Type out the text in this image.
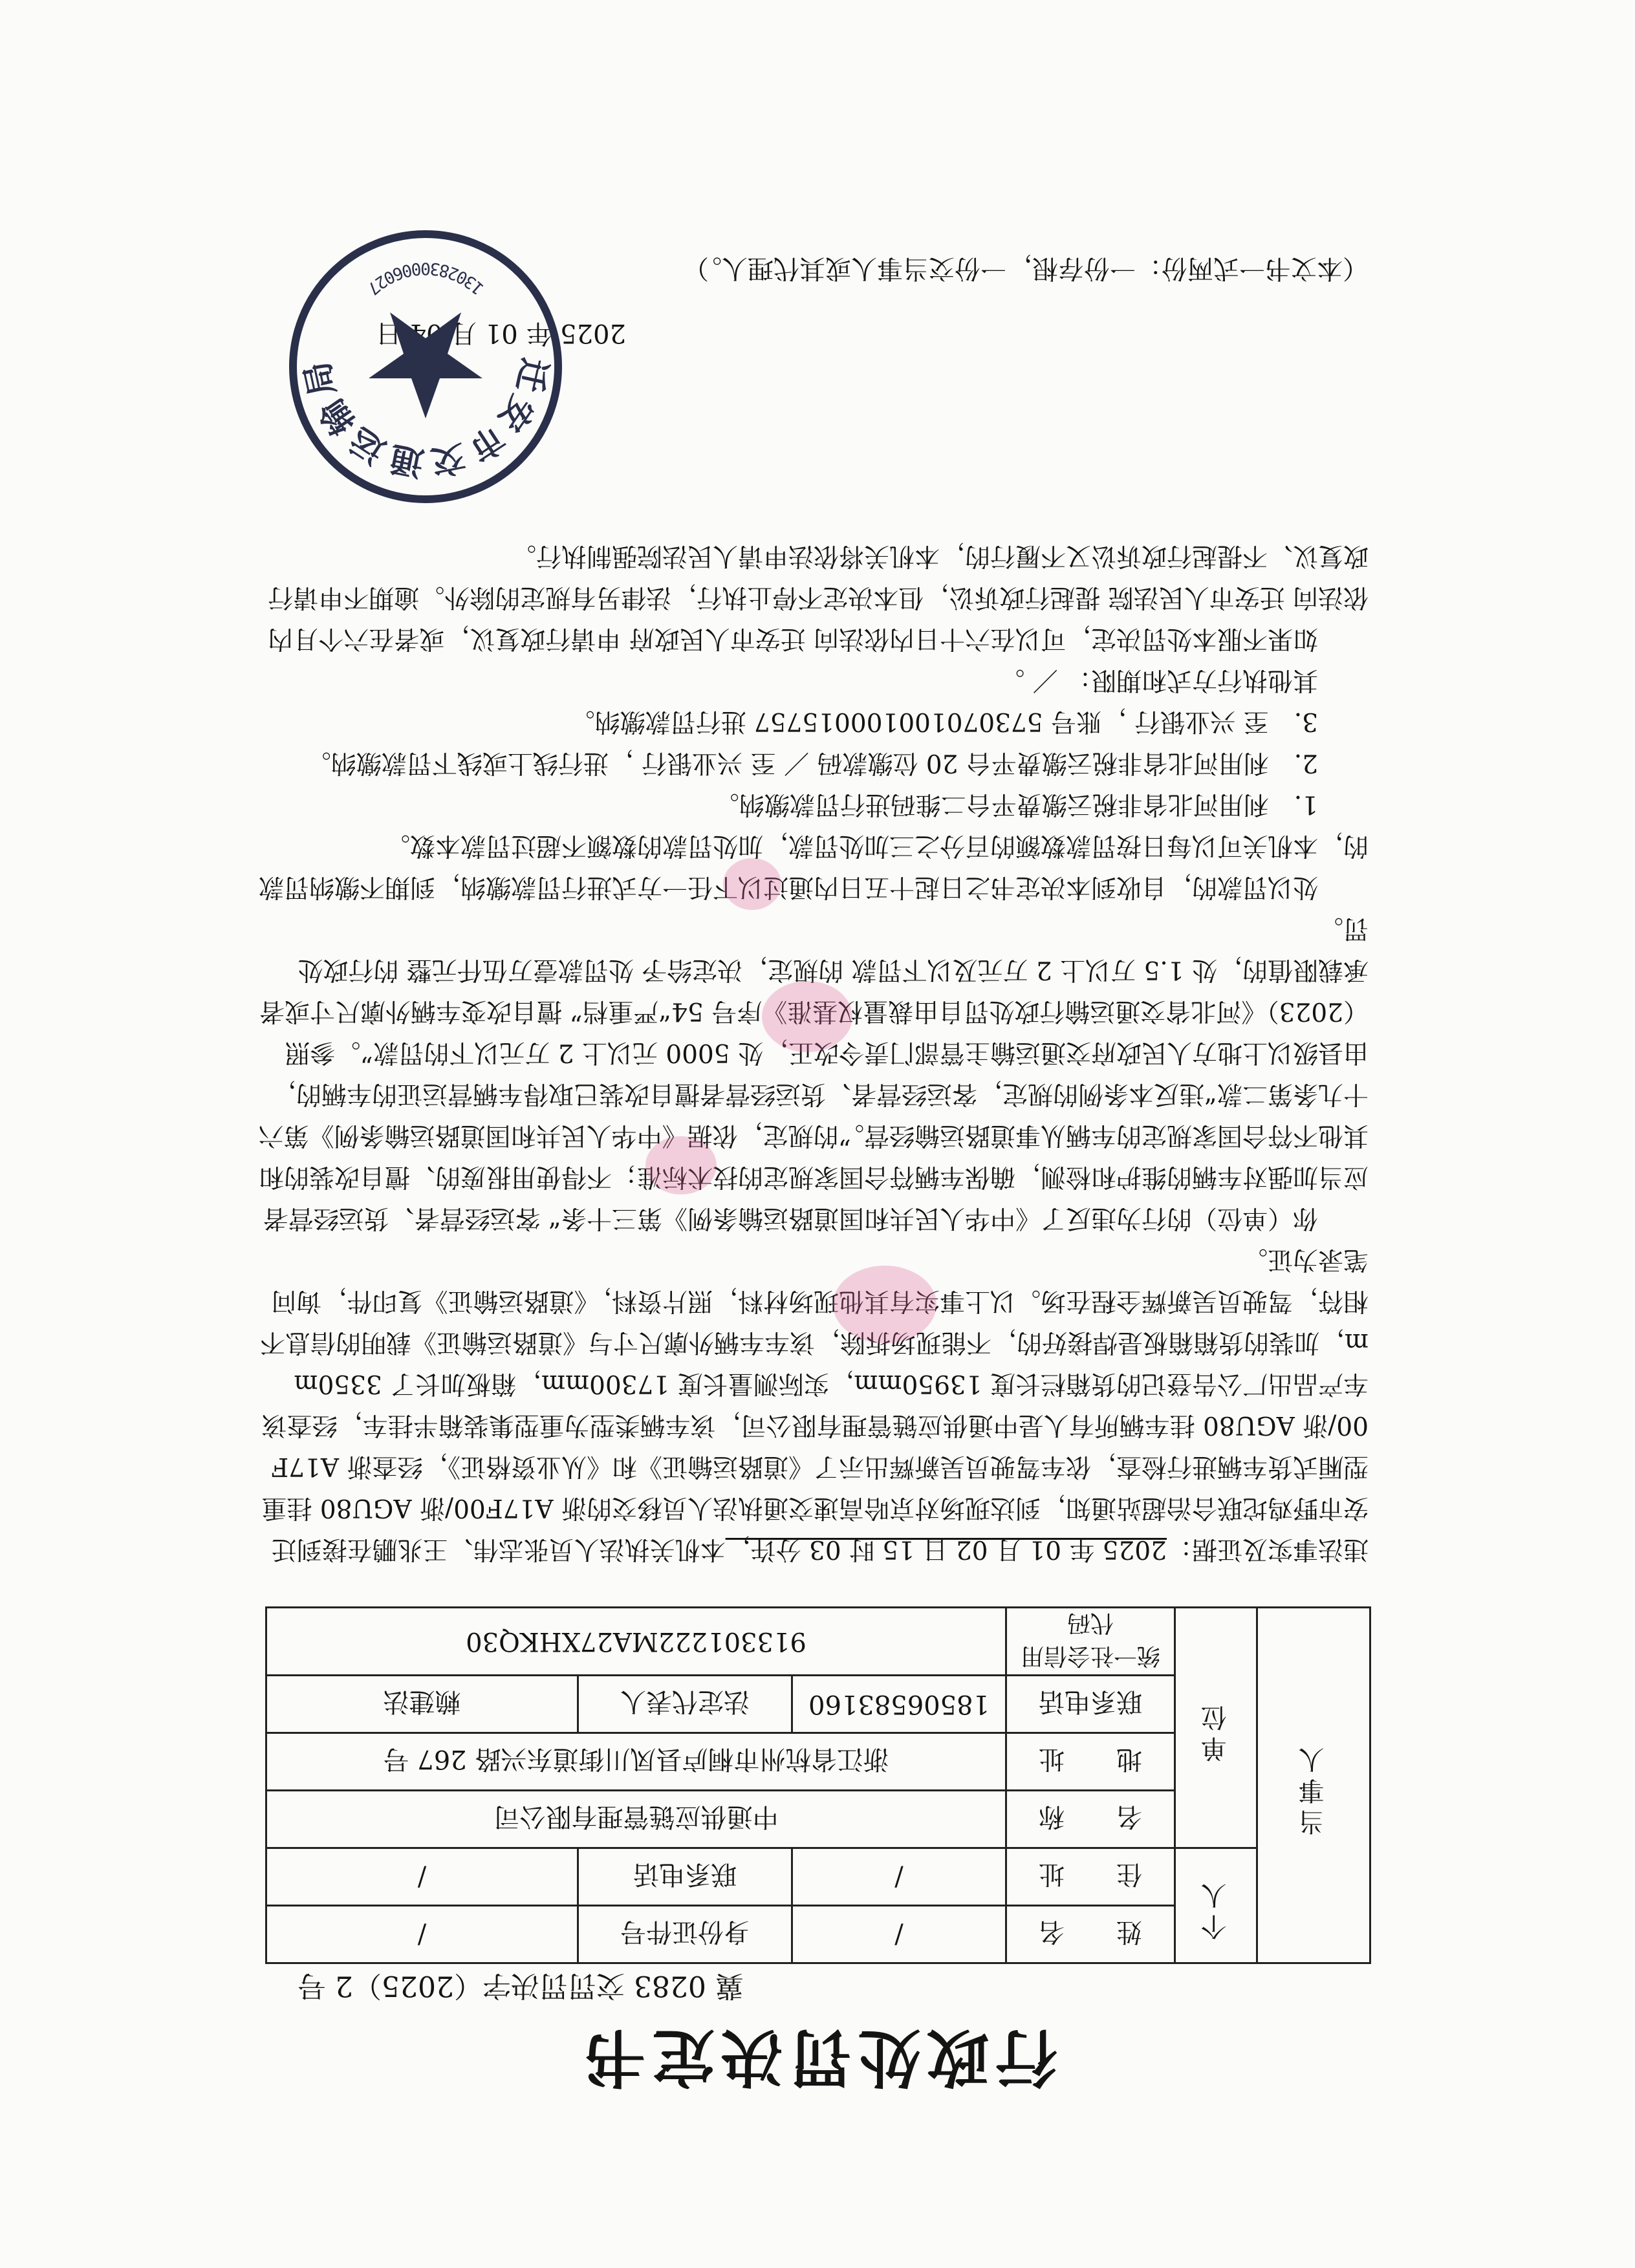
行政处罚决定书
冀 0283 交罚罚决字（2025）2 号
当事人	个人	姓　　名	/	身份证件号	/
		住　　址	/	联系电话	/
	单位	名　　称	中通供应链管理有限公司		
		地　　址	浙江省杭州市桐庐县凤川街道东兴路 267 号		
		联系电话	18506583160	法定代表人	赖建法
		统一社会信用代码	913301222MA27XHKQ30		

违法事实及证据：2025 年 01 月 02 日 15 时 03 分许，本机关执法人员张志伟、王兆鹏在接到迁安市野鸡坨联合治超站通知，到达现场对京哈高速交通执法人员移交的浙 A17F00/浙 AGU80 挂重型厢式货车辆进行检查，依车驾驶员吴新辉出示了《道路运输证》和《从业资格证》，经查浙 A17F00/浙 AGU80 挂车辆所有人是中通供应链管理有限公司，该车辆类型为重型集装箱半挂车，经查该车产品出厂公告登记的货箱栏长度 13950mm，实际测量长度 17300mm，箱板加长了 3350mm，加装的货箱箱板是焊接好的，不能现场拆除，该车车辆外廓尺寸与《道路运输证》载明的信息不相符，驾驶员吴新辉全程在场。以上事实有其他现场材料，照片资料，《道路运输证》复印件，询问笔录为证。

你（单位）的行为违反了《中华人民共和国道路运输条例》第三十条“ 客运经营者、货运经营者应当加强对车辆的维护和检测，确保车辆符合国家规定的技术标准；不得使用报废的、擅自改装的和其他不符合国家规定的车辆从事道路运输经营。”的规定，依据《中华人民共和国道路运输条例》第六十九条第二款“违反本条例的规定，客运经营者、货运经营者擅自改装已取得车辆营运证的车辆的，由县级以上地方人民政府交通运输主管部门责令改正，处 5000 元以上 2 万元以下的罚款”。参照（2023）《河北省交通运输行政处罚自由裁量权基准》序号 54“严重档” 擅自改变车辆外廓尺寸或者承载限值的，处 1.5 万以上 2 万元及以下罚款 的规定，决定给予 处罚款壹万伍仟元整 的行政处罚。

处以罚款的，自收到本决定书之日起十五日内通过以下任一方式进行罚款缴纳，到期不缴纳罚款的，本机关可以每日按罚款数额的百分之三加处罚款，加处罚款的数额不超过罚款本数。

1.　利用河北省非税云缴费平台二维码进行罚款缴纳。

2.　利用河北省非税云缴费平台 20 位缴款码 ／ 至 兴业银行 ，进行线上或线下罚款缴纳。

3.　至 兴业银行 ，账号 573070100100015757 进行罚款缴纳。

其他执行方式和期限： ／ 。

如果不服本处罚决定，可以在六十日内依法向 迁安市人民政府 申请行政复议，或者在六个月内依法向 迁安市人民法院 提起行政诉讼，但本决定不停止执行，法律另有规定的除外。逾期不申请行政复议、不提起行政诉讼又不履行的，本机关将依法申请人民法院强制执行。

2025 年 01 月 04 日
（本文书一式两份：一份存根，一份交当事人或其代理人。）
迁安市交通运输局
1302830006027
